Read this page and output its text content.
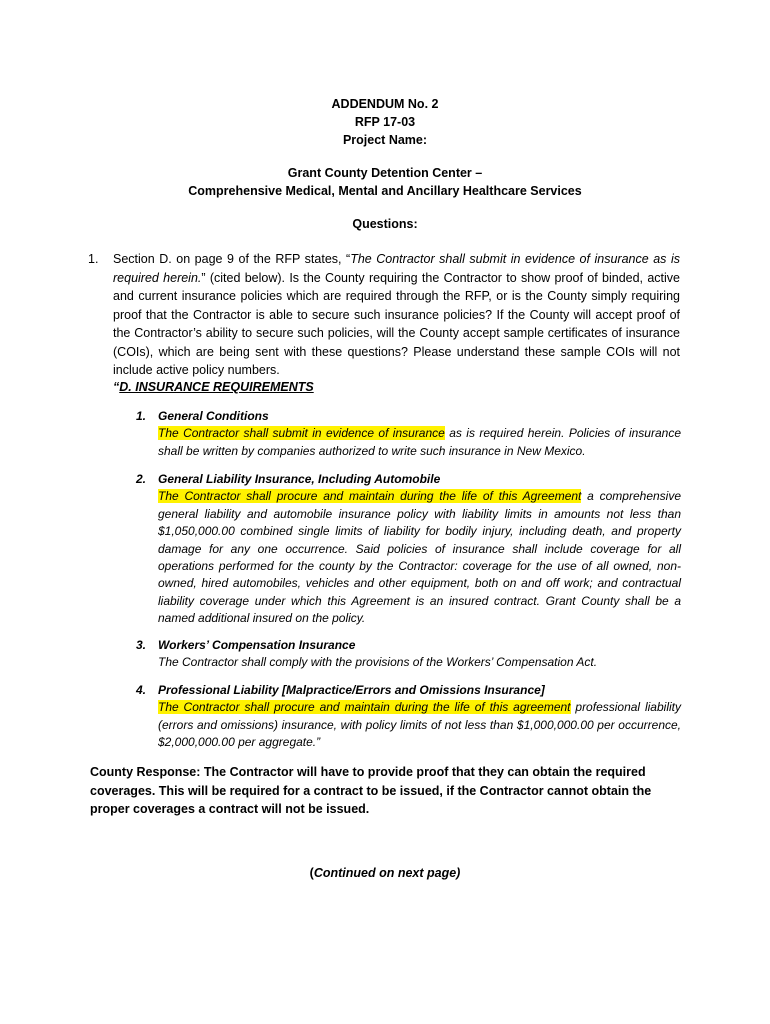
ADDENDUM No. 2
RFP 17-03
Project Name:
Grant County Detention Center –
Comprehensive Medical, Mental and Ancillary Healthcare Services
Questions:
1. Section D. on page 9 of the RFP states, “The Contractor shall submit in evidence of insurance as is required herein.” (cited below). Is the County requiring the Contractor to show proof of binded, active and current insurance policies which are required through the RFP, or is the County simply requiring proof that the Contractor is able to secure such insurance policies? If the County will accept proof of the Contractor’s ability to secure such policies, will the County accept sample certificates of insurance (COIs), which are being sent with these questions? Please understand these sample COIs will not include active policy numbers.
“D. INSURANCE REQUIREMENTS
1. General Conditions
The Contractor shall submit in evidence of insurance as is required herein. Policies of insurance shall be written by companies authorized to write such insurance in New Mexico.
2. General Liability Insurance, Including Automobile
The Contractor shall procure and maintain during the life of this Agreement a comprehensive general liability and automobile insurance policy with liability limits in amounts not less than $1,050,000.00 combined single limits of liability for bodily injury, including death, and property damage for any one occurrence. Said policies of insurance shall include coverage for all operations performed for the county by the Contractor: coverage for the use of all owned, non-owned, hired automobiles, vehicles and other equipment, both on and off work; and contractual liability coverage under which this Agreement is an insured contract. Grant County shall be a named additional insured on the policy.
3. Workers’ Compensation Insurance
The Contractor shall comply with the provisions of the Workers’ Compensation Act.
4. Professional Liability [Malpractice/Errors and Omissions Insurance]
The Contractor shall procure and maintain during the life of this agreement professional liability (errors and omissions) insurance, with policy limits of not less than $1,000,000.00 per occurrence, $2,000,000.00 per aggregate.”
County Response: The Contractor will have to provide proof that they can obtain the required coverages. This will be required for a contract to be issued, if the Contractor cannot obtain the proper coverages a contract will not be issued.
(Continued on next page)
